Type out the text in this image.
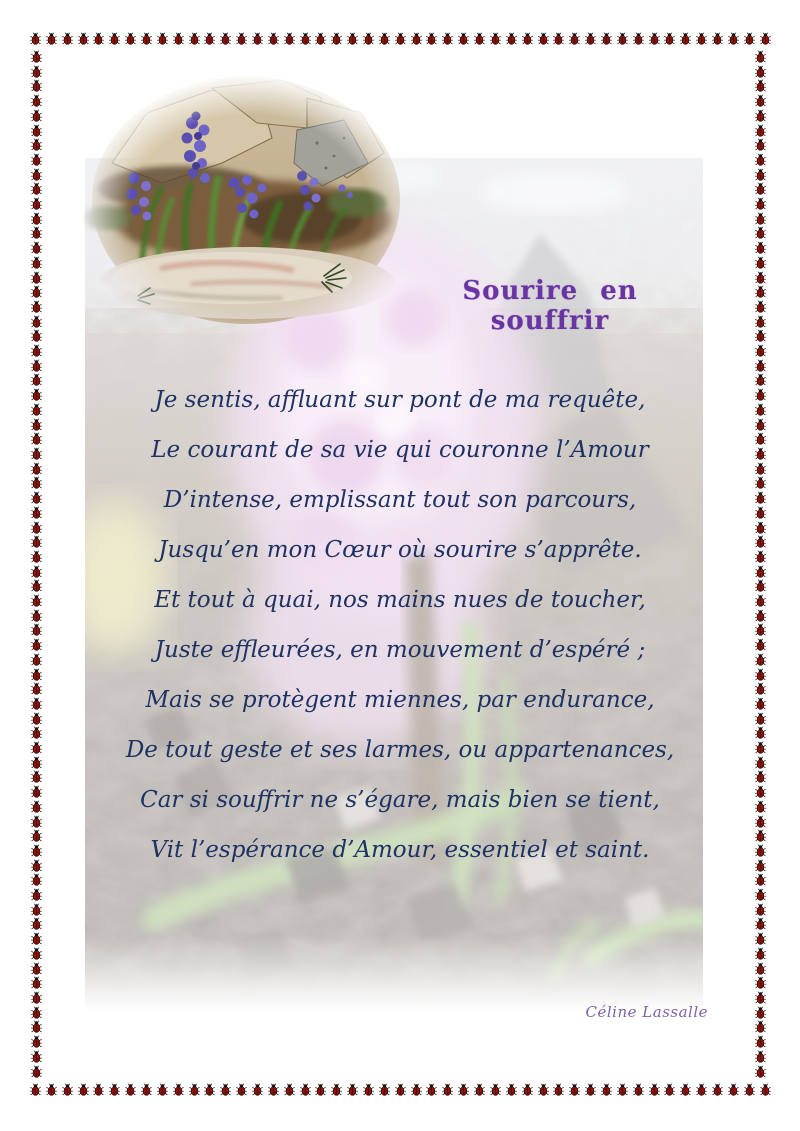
Sourire en souffrir
Je sentis, affluant sur pont de ma requête,
Le courant de sa vie qui couronne l’Amour
D’intense, emplissant tout son parcours,
Jusqu’en mon Cœur où sourire s’apprête.
Et tout à quai, nos mains nues de toucher,
Juste effleurées, en mouvement d’espéré ;
Mais se protègent miennes, par endurance,
De tout geste et ses larmes, ou appartenances,
Car si souffrir ne s’égare, mais bien se tient,
Vit l’espérance d’Amour, essentiel et saint.
Céline Lassalle
